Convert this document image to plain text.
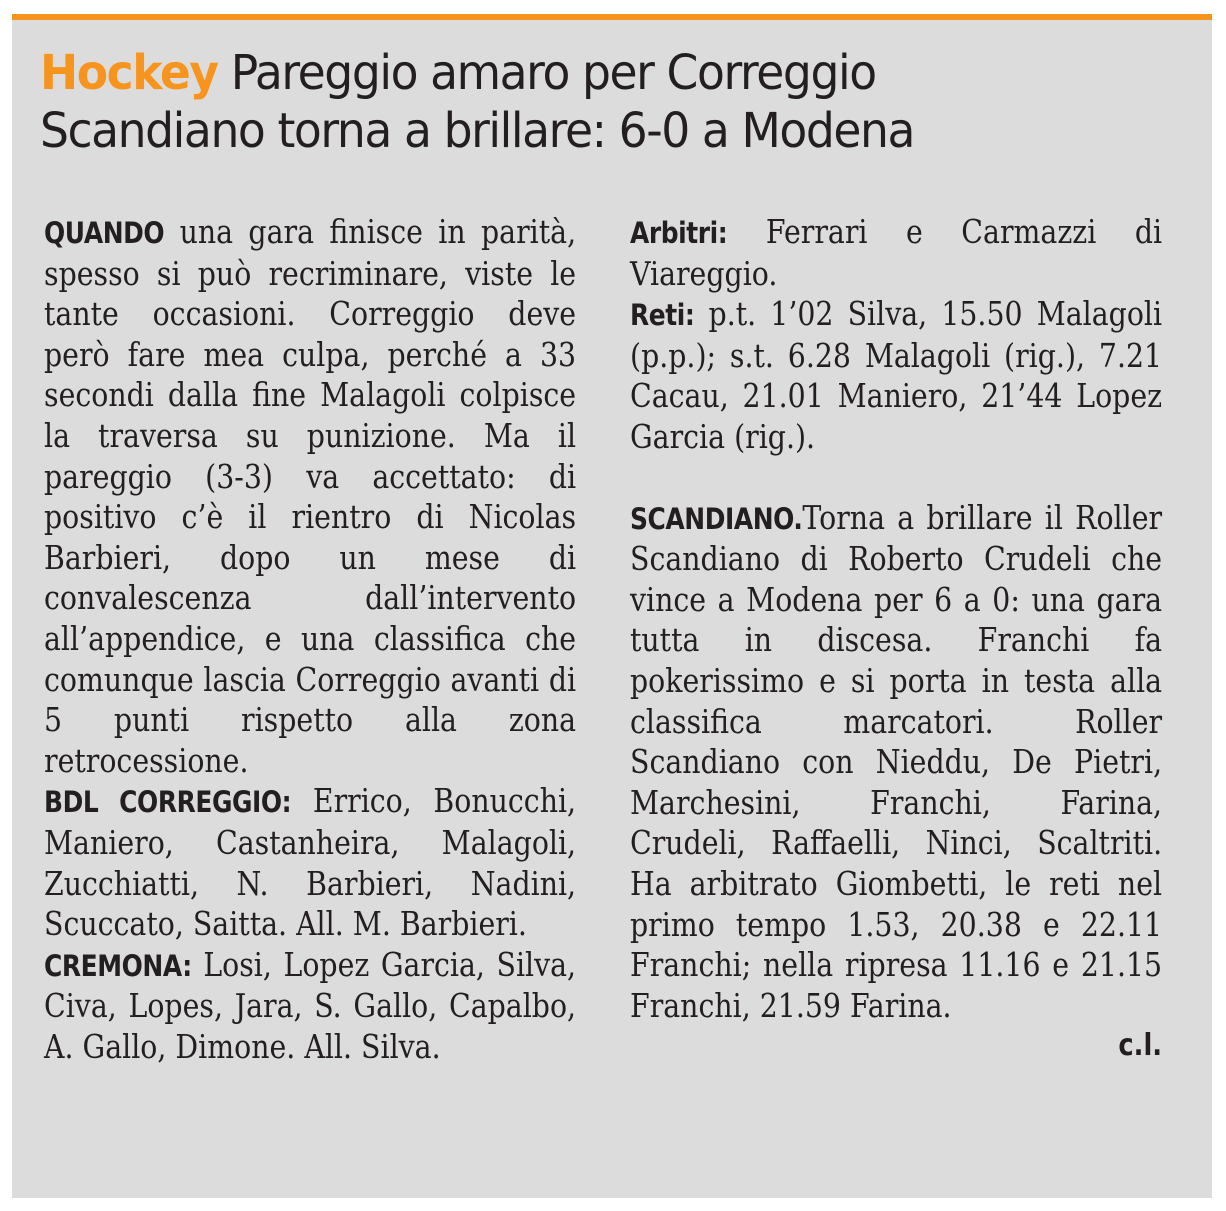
Hockey Pareggio amaro per Correggio
Scandiano torna a brillare: 6-0 a Modena

QUANDO una gara finisce in parità, spesso si può recriminare, viste le tante occasioni. Correggio deve però fare mea culpa, perché a 33 secondi dalla fine Malagoli colpisce la traversa su punizione. Ma il pareggio (3-3) va accettato: di positivo c’è il rientro di Nicolas Barbieri, dopo un mese di convalescenza dall’intervento all’appendice, e una classifica che comunque lascia Correggio avanti di 5 punti rispetto alla zona retrocessione.

BDL CORREGGIO: Errico, Bonucchi, Maniero, Castanheira, Malagoli, Zucchiatti, N. Barbieri, Nadini, Scuccato, Saitta. All. M. Barbieri.

CREMONA: Losi, Lopez Garcia, Silva, Civa, Lopes, Jara, S. Gallo, Capalbo, A. Gallo, Dimone. All. Silva.

Arbitri: Ferrari e Carmazzi di Viareggio.

Reti: p.t. 1’02 Silva, 15.50 Malagoli (p.p.); s.t. 6.28 Malagoli (rig.), 7.21 Cacau, 21.01 Maniero, 21’44 Lopez Garcia (rig.).

SCANDIANO.Torna a brillare il Roller Scandiano di Roberto Crudeli che vince a Modena per 6 a 0: una gara tutta in discesa. Franchi fa pokerissimo e si porta in testa alla classifica marcatori. Roller Scandiano con Nieddu, De Pietri, Marchesini, Franchi, Farina, Crudeli, Raffaelli, Ninci, Scaltriti. Ha arbitrato Giombetti, le reti nel primo tempo 1.53, 20.38 e 22.11 Franchi; nella ripresa 11.16 e 21.15 Franchi, 21.59 Farina.

c.l.
